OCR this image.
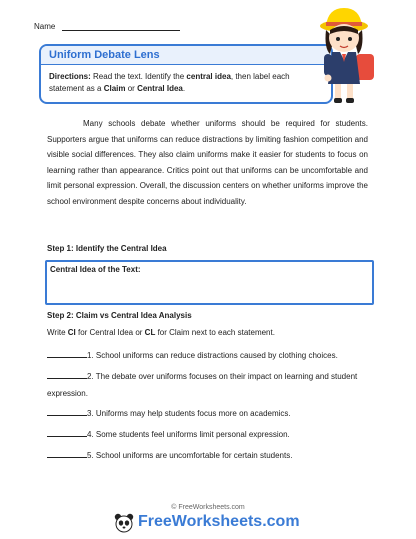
Name
Uniform Debate Lens
Directions: Read the text. Identify the central idea, then label each statement as a Claim or Central Idea.
Many schools debate whether uniforms should be required for students. Supporters argue that uniforms can reduce distractions by limiting fashion competition and visible social differences. They also claim uniforms make it easier for students to focus on learning rather than appearance. Critics point out that uniforms can be uncomfortable and limit personal expression. Overall, the discussion centers on whether uniforms improve the school environment despite concerns about individuality.
Step 1: Identify the Central Idea
Central Idea of the Text:
Step 2: Claim vs Central Idea Analysis
Write CI for Central Idea or CL for Claim next to each statement.
1. School uniforms can reduce distractions caused by clothing choices.
2. The debate over uniforms focuses on their impact on learning and student expression.
3. Uniforms may help students focus more on academics.
4. Some students feel uniforms limit personal expression.
5. School uniforms are uncomfortable for certain students.
© FreeWorksheets.com
FreeWorksheets.com
